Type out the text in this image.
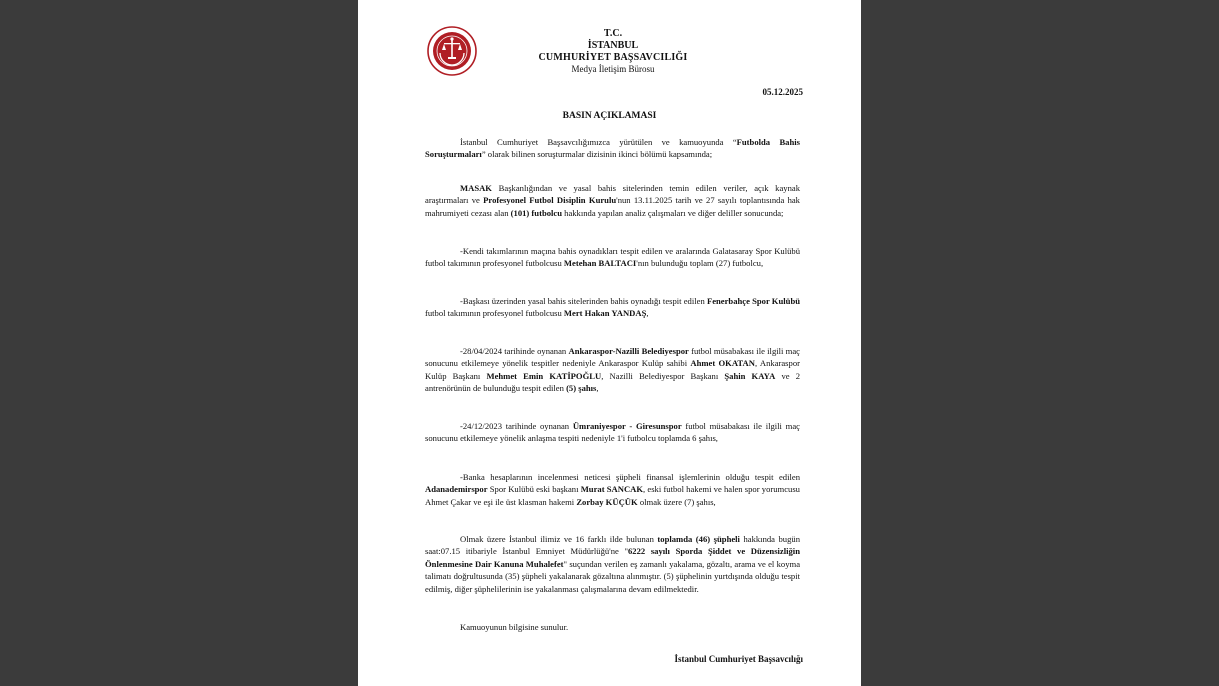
T.C.
İSTANBUL
CUMHURİYET BAŞSAVCILIĞI
Medya İletişim Bürosu
05.12.2025
BASIN AÇIKLAMASI
İstanbul Cumhuriyet Başsavcılığımızca yürütülen ve kamuoyunda “Futbolda Bahis Soruşturmaları” olarak bilinen soruşturmalar dizisinin ikinci bölümü kapsamında;
MASAK Başkanlığından ve yasal bahis sitelerinden temin edilen veriler, açık kaynak araştırmaları ve Profesyonel Futbol Disiplin Kurulu'nun 13.11.2025 tarih ve 27 sayılı toplantısında hak mahrumiyeti cezası alan (101) futbolcu hakkında yapılan analiz çalışmaları ve diğer deliller sonucunda;
-Kendi takımlarının maçına bahis oynadıkları tespit edilen ve aralarında Galatasaray Spor Kulübü futbol takımının profesyonel futbolcusu Metehan BALTACI'nın bulunduğu toplam (27) futbolcu,
-Başkası üzerinden yasal bahis sitelerinden bahis oynadığı tespit edilen Fenerbahçe Spor Kulübü futbol takımının profesyonel futbolcusu Mert Hakan YANDAŞ,
-28/04/2024 tarihinde oynanan Ankaraspor-Nazilli Belediyespor futbol müsabakası ile ilgili maç sonucunu etkilemeye yönelik tespitler nedeniyle Ankaraspor Kulüp sahibi Ahmet OKATAN, Ankaraspor Kulüp Başkanı Mehmet Emin KATİPOĞLU, Nazilli Belediyespor Başkanı Şahin KAYA ve 2 antrenörünün de bulunduğu tespit edilen (5) şahıs,
-24/12/2023 tarihinde oynanan Ümraniyespor - Giresunspor futbol müsabakası ile ilgili maç sonucunu etkilemeye yönelik anlaşma tespiti nedeniyle 1'i futbolcu toplamda 6 şahıs,
-Banka hesaplarının incelenmesi neticesi şüpheli finansal işlemlerinin olduğu tespit edilen Adanademirspor Spor Kulübü eski başkanı Murat SANCAK, eski futbol hakemi ve halen spor yorumcusu Ahmet Çakar ve eşi ile üst klasman hakemi Zorbay KÜÇÜK olmak üzere (7) şahıs,
Olmak üzere İstanbul ilimiz ve 16 farklı ilde bulunan toplamda (46) şüpheli hakkında bugün saat:07.15 itibariyle İstanbul Emniyet Müdürlüğü'ne "6222 sayılı Sporda Şiddet ve Düzensizliğin Önlenmesine Dair Kanuna Muhalefet" suçundan verilen eş zamanlı yakalama, gözaltı, arama ve el koyma talimatı doğrultusunda (35) şüpheli yakalanarak gözaltına alınmıştır. (5) şüphelinin yurtdışında olduğu tespit edilmiş, diğer şüphelilerinin ise yakalanması çalışmalarına devam edilmektedir.
Kamuoyunun bilgisine sunulur.
İstanbul Cumhuriyet Başsavcılığı
